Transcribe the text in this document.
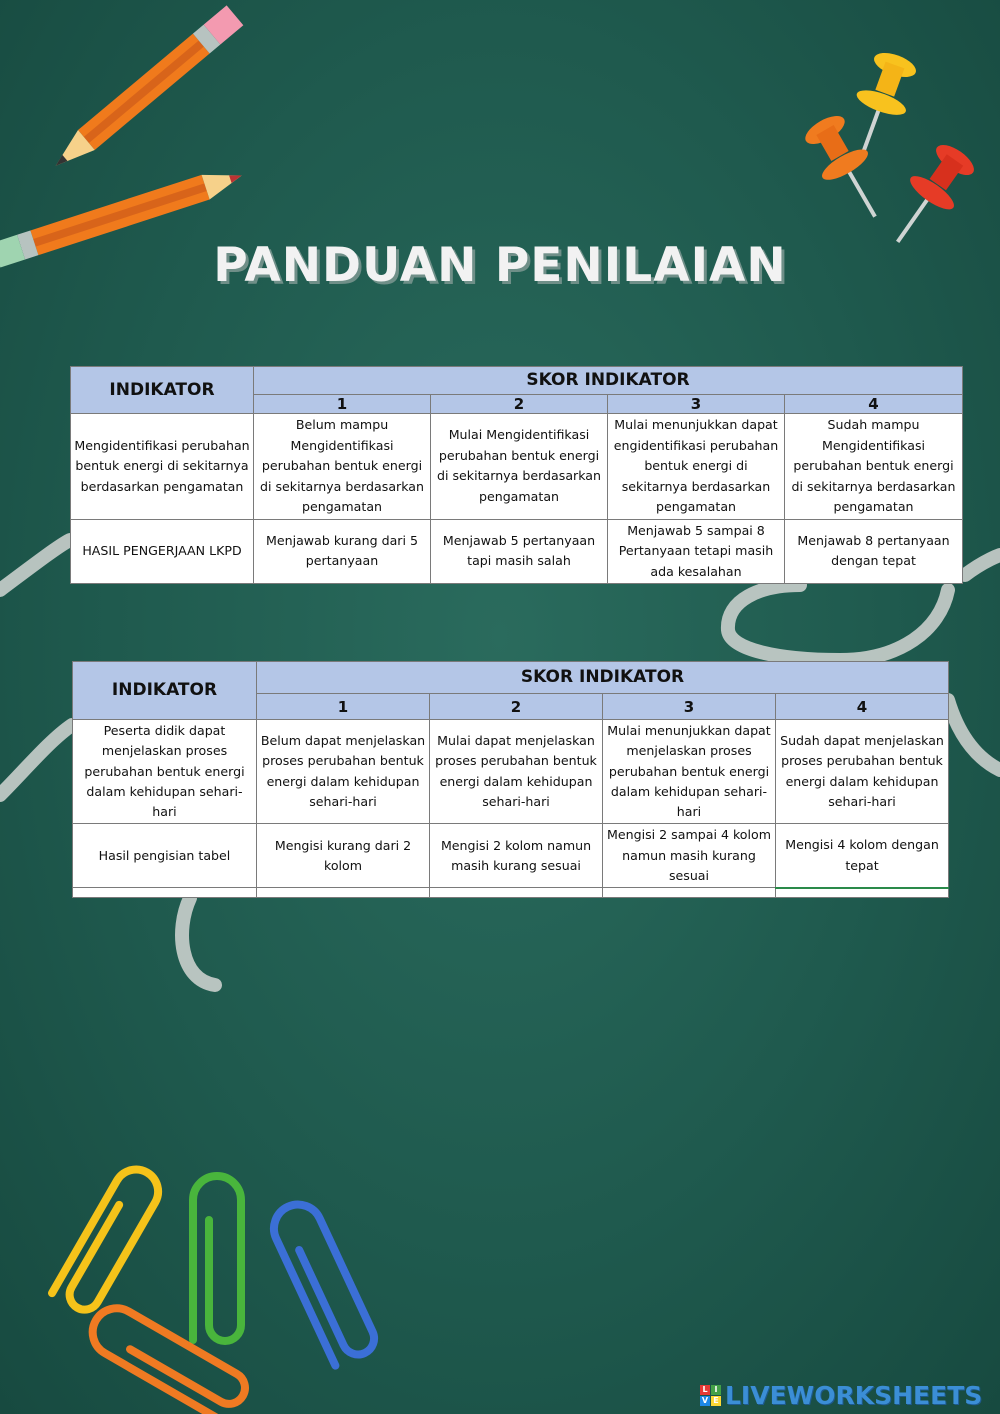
PANDUAN PENILAIAN
INDIKATOR	SKOR INDIKATOR			
	1	2	3	4
Mengidentifikasi perubahan bentuk energi di sekitarnya berdasarkan pengamatan	Belum mampu Mengidentifikasi perubahan bentuk energi di sekitarnya berdasarkan pengamatan	Mulai Mengidentifikasi perubahan bentuk energi di sekitarnya berdasarkan pengamatan	Mulai menunjukkan dapat engidentifikasi perubahan bentuk energi di sekitarnya berdasarkan pengamatan	Sudah mampu Mengidentifikasi perubahan bentuk energi di sekitarnya berdasarkan pengamatan
HASIL PENGERJAAN LKPD	Menjawab kurang dari 5 pertanyaan	Menjawab 5 pertanyaan tapi masih salah	Menjawab 5 sampai 8 Pertanyaan tetapi masih ada kesalahan	Menjawab 8 pertanyaan dengan tepat
INDIKATOR	SKOR INDIKATOR			
	1	2	3	4
Peserta didik dapat menjelaskan proses perubahan bentuk energi dalam kehidupan sehari-hari	Belum dapat menjelaskan proses perubahan bentuk energi dalam kehidupan sehari-hari	Mulai dapat menjelaskan proses perubahan bentuk energi dalam kehidupan sehari-hari	Mulai menunjukkan dapat menjelaskan proses perubahan bentuk energi dalam kehidupan sehari-hari	Sudah dapat menjelaskan proses perubahan bentuk energi dalam kehidupan sehari-hari
Hasil pengisian tabel	Mengisi kurang dari 2 kolom	Mengisi 2 kolom namun masih kurang sesuai	Mengisi 2 sampai 4 kolom namun masih kurang sesuai	Mengisi 4 kolom dengan tepat

L I
V E LIVEWORKSHEETS
